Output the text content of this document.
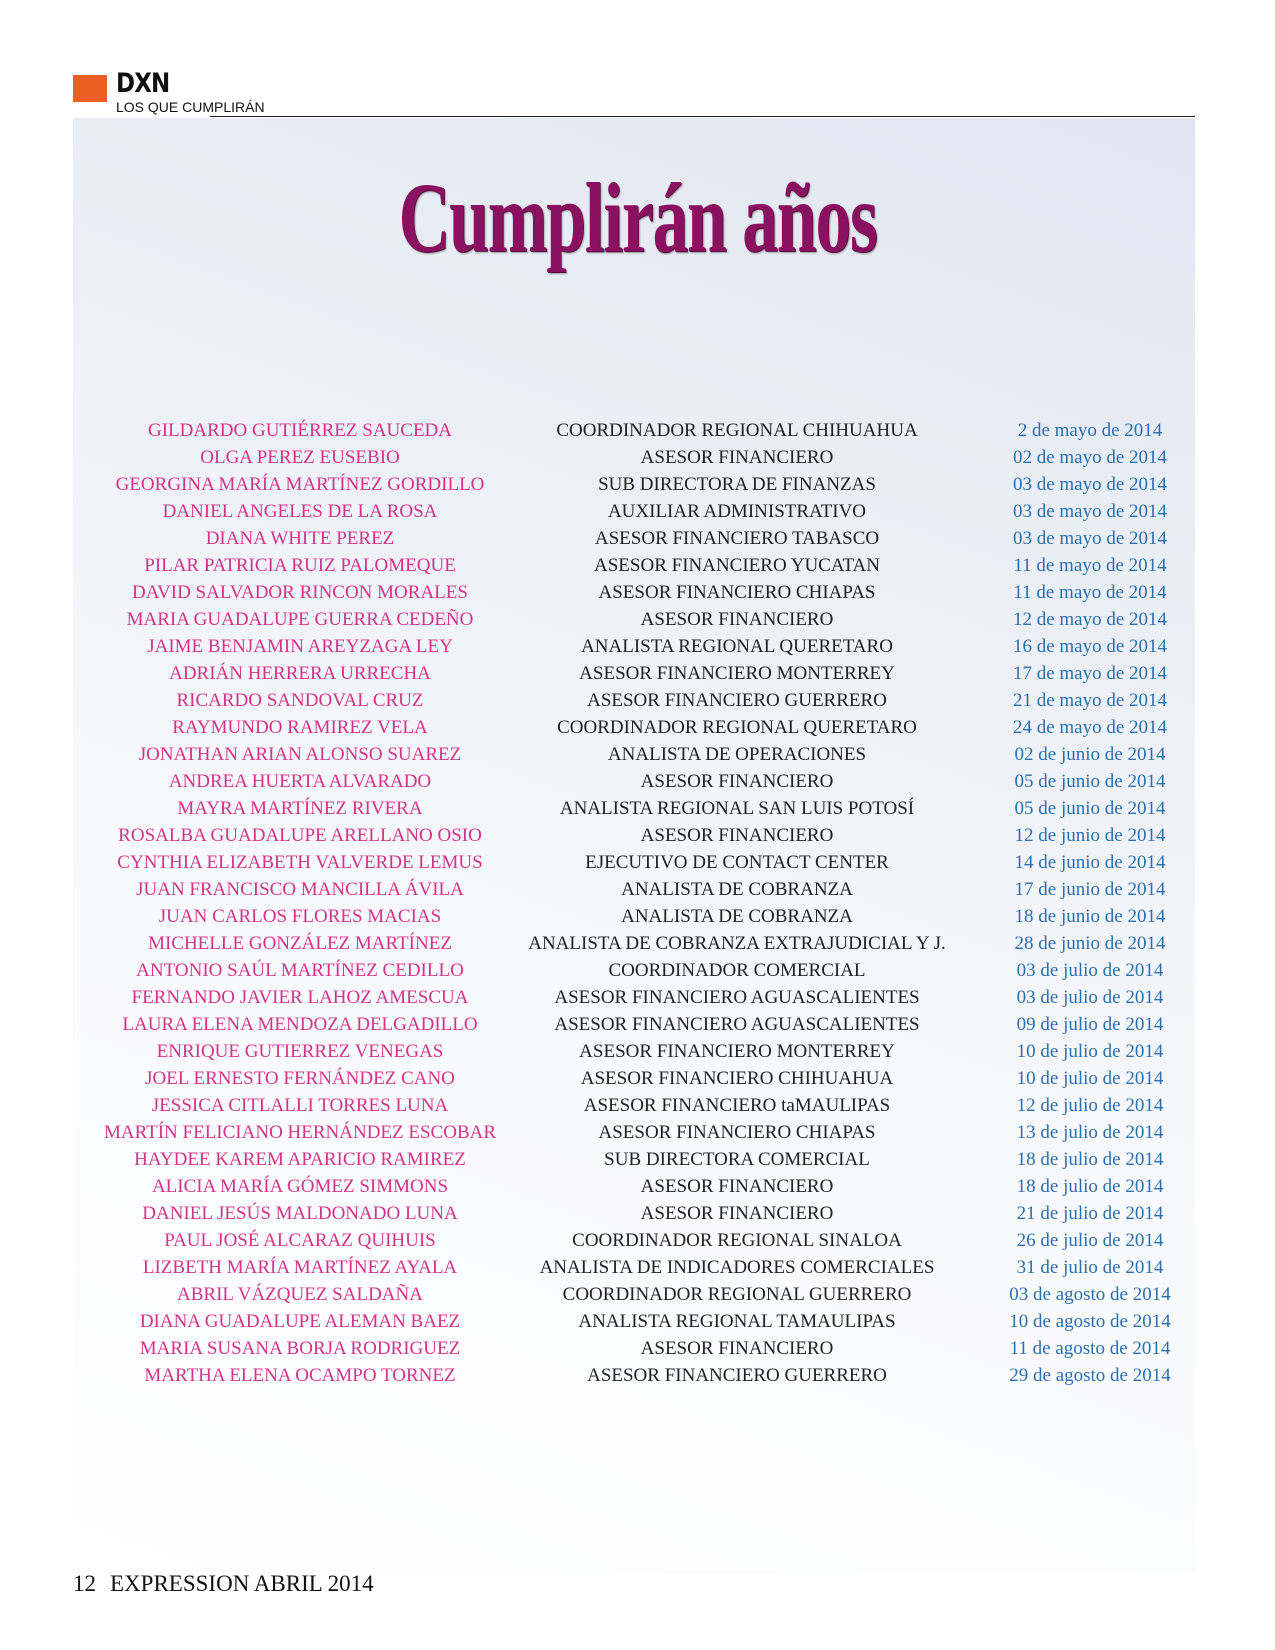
DXN
LOS QUE CUMPLIRÁN
Cumplirán años
GILDARDO GUTIÉRREZ SAUCEDA	COORDINADOR REGIONAL CHIHUAHUA	2 de mayo de 2014
OLGA PEREZ EUSEBIO	ASESOR FINANCIERO	02 de mayo de 2014
GEORGINA MARÍA MARTÍNEZ GORDILLO	SUB DIRECTORA DE FINANZAS	03 de mayo de 2014
DANIEL ANGELES DE LA ROSA	AUXILIAR ADMINISTRATIVO	03 de mayo de 2014
DIANA WHITE PEREZ	ASESOR FINANCIERO TABASCO	03 de mayo de 2014
PILAR PATRICIA RUIZ PALOMEQUE	ASESOR FINANCIERO YUCATAN	11 de mayo de 2014
DAVID SALVADOR RINCON MORALES	ASESOR FINANCIERO CHIAPAS	11 de mayo de 2014
MARIA GUADALUPE GUERRA CEDEÑO	ASESOR FINANCIERO	12 de mayo de 2014
JAIME BENJAMIN AREYZAGA LEY	ANALISTA REGIONAL QUERETARO	16 de mayo de 2014
ADRIÁN HERRERA URRECHA	ASESOR FINANCIERO MONTERREY	17 de mayo de 2014
RICARDO SANDOVAL CRUZ	ASESOR FINANCIERO GUERRERO	21 de mayo de 2014
RAYMUNDO RAMIREZ VELA	COORDINADOR REGIONAL QUERETARO	24 de mayo de 2014
JONATHAN ARIAN ALONSO SUAREZ	ANALISTA DE OPERACIONES	02 de junio de 2014
ANDREA HUERTA ALVARADO	ASESOR FINANCIERO	05 de junio de 2014
MAYRA MARTÍNEZ RIVERA	ANALISTA REGIONAL SAN LUIS POTOSÍ	05 de junio de 2014
ROSALBA GUADALUPE ARELLANO OSIO	ASESOR FINANCIERO	12 de junio de 2014
CYNTHIA ELIZABETH VALVERDE LEMUS	EJECUTIVO DE CONTACT CENTER	14 de junio de 2014
JUAN FRANCISCO MANCILLA ÁVILA	ANALISTA DE COBRANZA	17 de junio de 2014
JUAN CARLOS FLORES MACIAS	ANALISTA DE COBRANZA	18 de junio de 2014
MICHELLE GONZÁLEZ MARTÍNEZ	ANALISTA DE COBRANZA EXTRAJUDICIAL Y J.	28 de junio de 2014
ANTONIO SAÚL MARTÍNEZ CEDILLO	COORDINADOR COMERCIAL	03 de julio de 2014
FERNANDO JAVIER LAHOZ AMESCUA	ASESOR FINANCIERO AGUASCALIENTES	03 de julio de 2014
LAURA ELENA MENDOZA DELGADILLO	ASESOR FINANCIERO AGUASCALIENTES	09 de julio de 2014
ENRIQUE GUTIERREZ VENEGAS	ASESOR FINANCIERO MONTERREY	10 de julio de 2014
JOEL ERNESTO FERNÁNDEZ CANO	ASESOR FINANCIERO CHIHUAHUA	10 de julio de 2014
JESSICA CITLALLI TORRES LUNA	ASESOR FINANCIERO taMAULIPAS	12 de julio de 2014
MARTÍN FELICIANO HERNÁNDEZ ESCOBAR	ASESOR FINANCIERO CHIAPAS	13 de julio de 2014
HAYDEE KAREM APARICIO RAMIREZ	SUB DIRECTORA COMERCIAL	18 de julio de 2014
ALICIA MARÍA GÓMEZ SIMMONS	ASESOR FINANCIERO	18 de julio de 2014
DANIEL JESÚS MALDONADO LUNA	ASESOR FINANCIERO	21 de julio de 2014
PAUL JOSÉ ALCARAZ QUIHUIS	COORDINADOR REGIONAL SINALOA	26 de julio de 2014
LIZBETH MARÍA MARTÍNEZ AYALA	ANALISTA DE INDICADORES COMERCIALES	31 de julio de 2014
ABRIL VÁZQUEZ SALDAÑA	COORDINADOR REGIONAL GUERRERO	03 de agosto de 2014
DIANA GUADALUPE ALEMAN BAEZ	ANALISTA REGIONAL TAMAULIPAS	10 de agosto de 2014
MARIA SUSANA BORJA RODRIGUEZ	ASESOR FINANCIERO	11 de agosto de 2014
MARTHA ELENA OCAMPO TORNEZ	ASESOR FINANCIERO GUERRERO	29 de agosto de 2014
12 EXPRESSION ABRIL 2014
